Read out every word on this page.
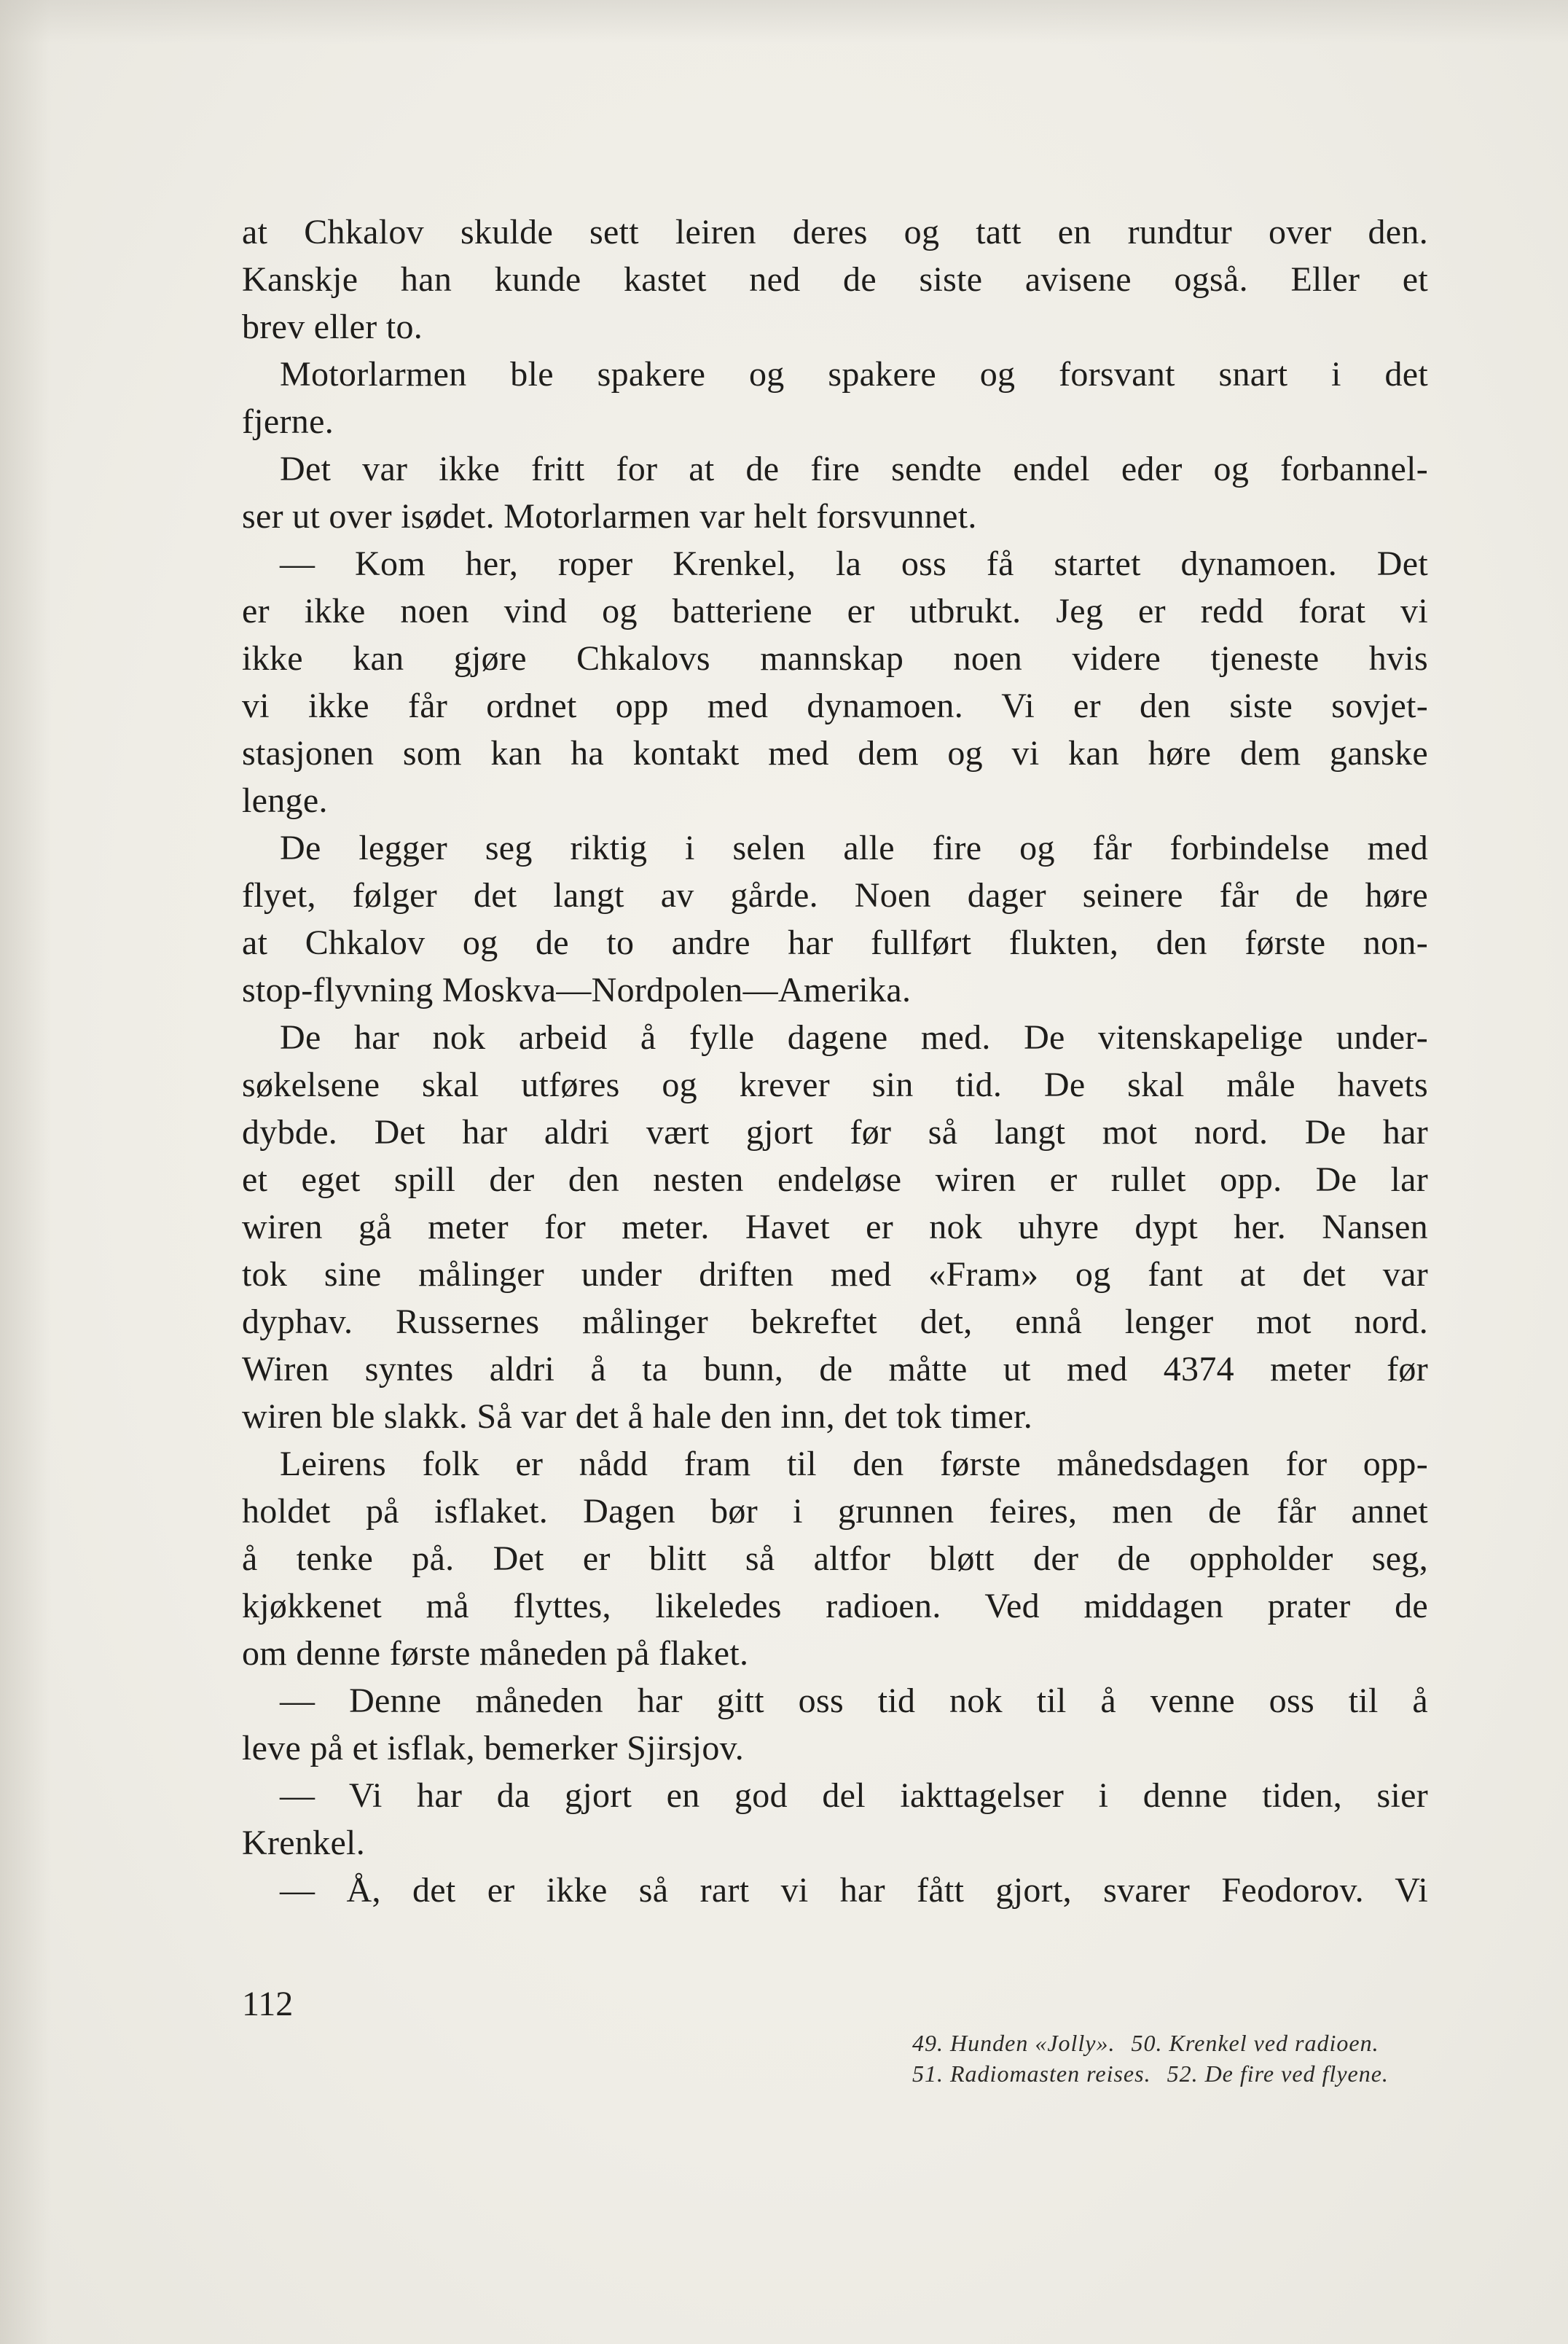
at Chkalov skulde sett leiren deres og tatt en rundtur over den.
Kanskje han kunde kastet ned de siste avisene også. Eller et
brev eller to.
Motorlarmen ble spakere og spakere og forsvant snart i det
fjerne.
Det var ikke fritt for at de fire sendte endel eder og forbannel-
ser ut over isødet. Motorlarmen var helt forsvunnet.
— Kom her, roper Krenkel, la oss få startet dynamoen. Det
er ikke noen vind og batteriene er utbrukt. Jeg er redd forat vi
ikke kan gjøre Chkalovs mannskap noen videre tjeneste hvis
vi ikke får ordnet opp med dynamoen. Vi er den siste sovjet-
stasjonen som kan ha kontakt med dem og vi kan høre dem ganske
lenge.
De legger seg riktig i selen alle fire og får forbindelse med
flyet, følger det langt av gårde. Noen dager seinere får de høre
at Chkalov og de to andre har fullført flukten, den første non-
stop-flyvning Moskva—Nordpolen—Amerika.
De har nok arbeid å fylle dagene med. De vitenskapelige under-
søkelsene skal utføres og krever sin tid. De skal måle havets
dybde. Det har aldri vært gjort før så langt mot nord. De har
et eget spill der den nesten endeløse wiren er rullet opp. De lar
wiren gå meter for meter. Havet er nok uhyre dypt her. Nansen
tok sine målinger under driften med «Fram» og fant at det var
dyphav. Russernes målinger bekreftet det, ennå lenger mot nord.
Wiren syntes aldri å ta bunn, de måtte ut med 4374 meter før
wiren ble slakk. Så var det å hale den inn, det tok timer.
Leirens folk er nådd fram til den første månedsdagen for opp-
holdet på isflaket. Dagen bør i grunnen feires, men de får annet
å tenke på. Det er blitt så altfor bløtt der de oppholder seg,
kjøkkenet må flyttes, likeledes radioen. Ved middagen prater de
om denne første måneden på flaket.
— Denne måneden har gitt oss tid nok til å venne oss til å
leve på et isflak, bemerker Sjirsjov.
— Vi har da gjort en god del iakttagelser i denne tiden, sier
Krenkel.
— Å, det er ikke så rart vi har fått gjort, svarer Feodorov. Vi
112
49. Hunden «Jolly». 50. Krenkel ved radioen.
51. Radiomasten reises. 52. De fire ved flyene.
